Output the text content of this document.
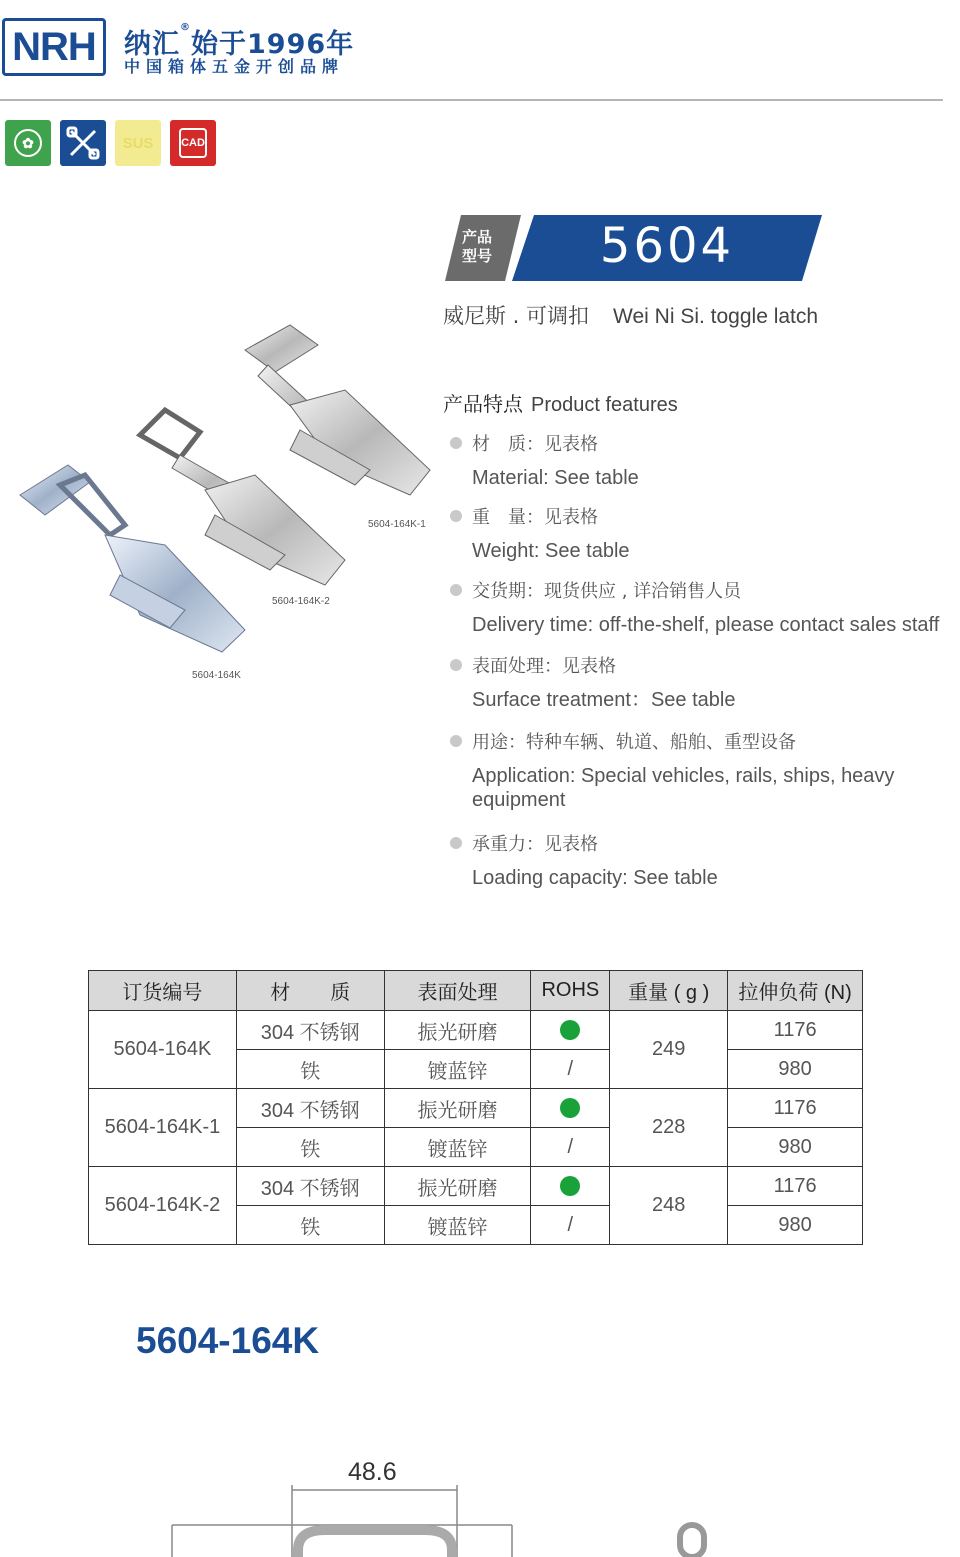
NRH 纳汇®始于1996年
中国箱体五金开创品牌
✿	SUS	CAD
5604-164K-1
5604-164K-2
5604-164K
产品
型号	5604
威尼斯 . 可调扣 Wei Ni Si. toggle latch
产品特点 Product features
材　质：见表格
Material: See table
重　量：见表格
Weight: See table
交货期：现货供应 , 详洽销售人员
Delivery time: off-the-shelf, please contact sales staff
表面处理：见表格
Surface treatment：See table
用途：特种车辆、轨道、船舶、重型设备
Application: Special vehicles, rails, ships, heavy equipment
承重力：见表格
Loading capacity: See table
订货编号	材　　质	表面处理	ROHS	重量 ( g )	拉伸负荷 (N)
5604-164K	304 不锈钢	振光研磨		249	1176
	铁	镀蓝锌	/		980
5604-164K-1	304 不锈钢	振光研磨		228	1176
	铁	镀蓝锌	/		980
5604-164K-2	304 不锈钢	振光研磨		248	1176
	铁	镀蓝锌	/		980
5604-164K
48.6
